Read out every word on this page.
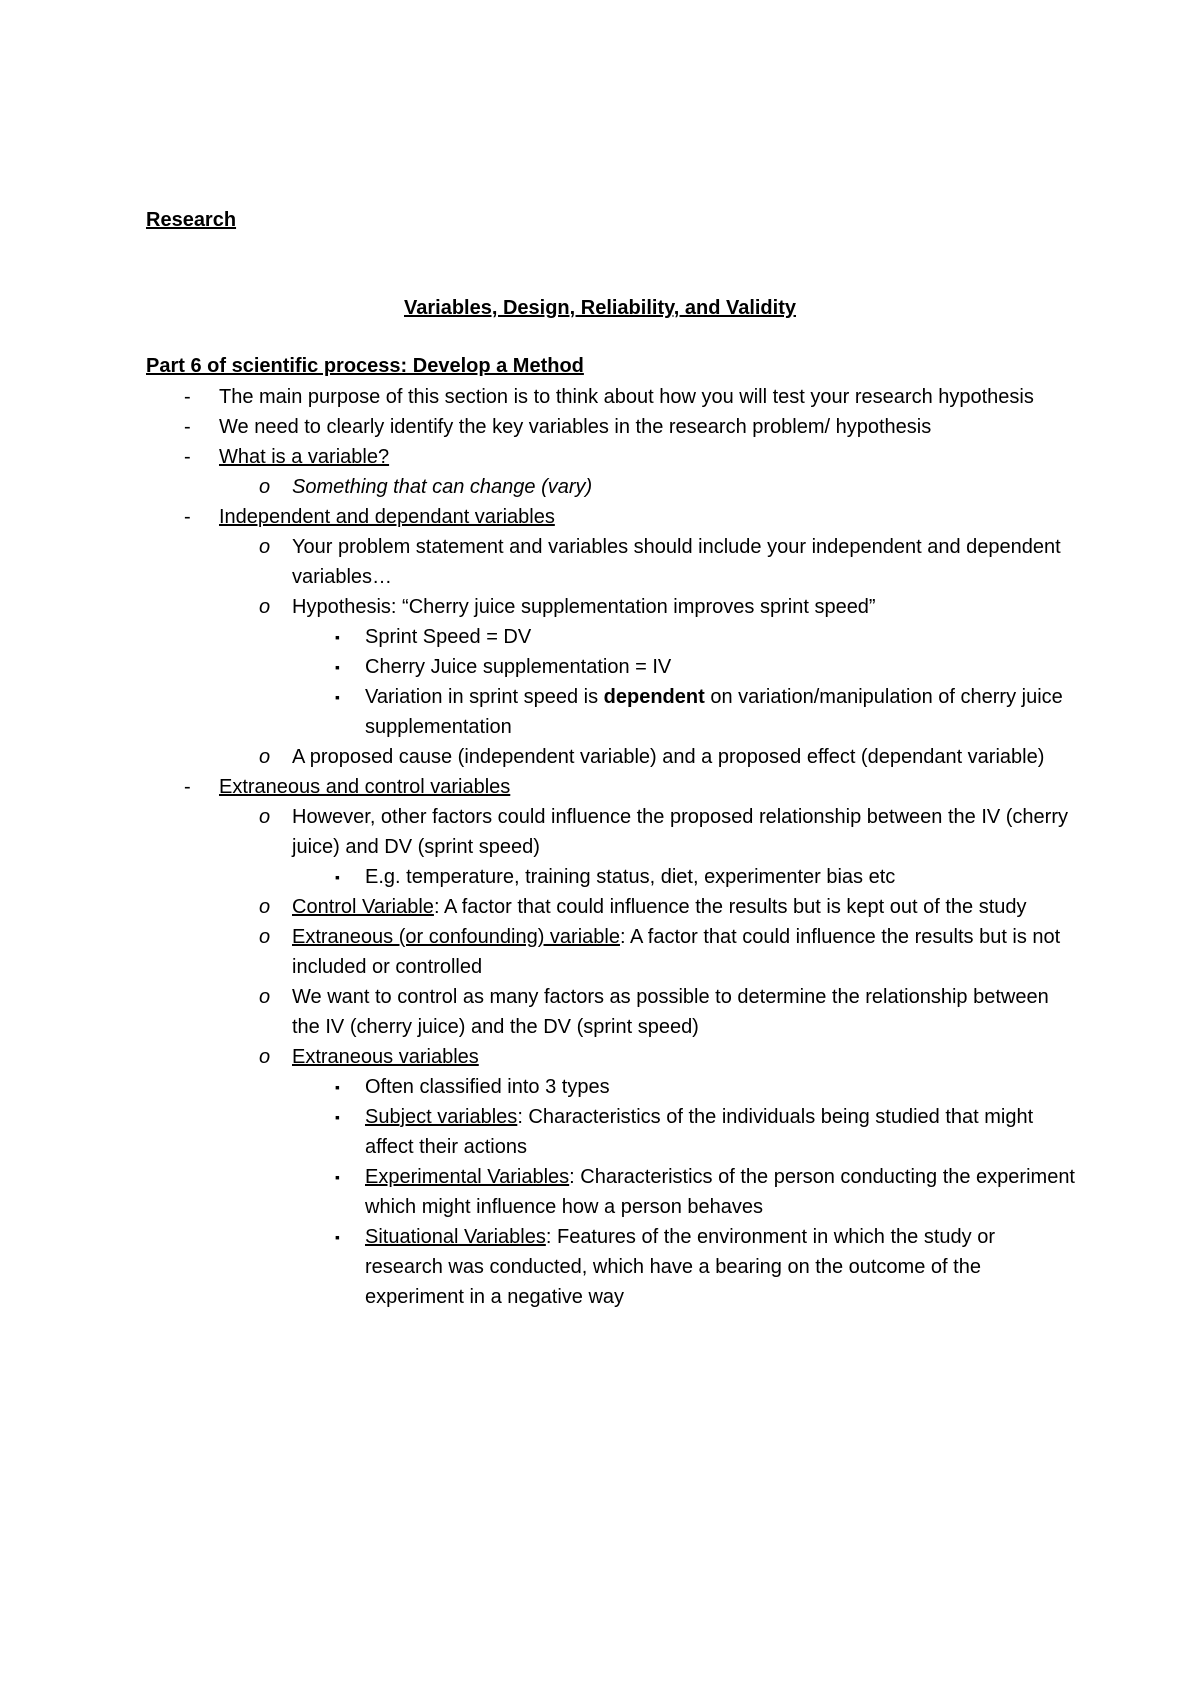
Research
Variables, Design, Reliability, and Validity
Part 6 of scientific process: Develop a Method
- The main purpose of this section is to think about how you will test your research hypothesis
- We need to clearly identify the key variables in the research problem/ hypothesis
- What is a variable?
o Something that can change (vary)
- Independent and dependant variables
o Your problem statement and variables should include your independent and dependent variables…
o Hypothesis: “Cherry juice supplementation improves sprint speed”
▪ Sprint Speed = DV
▪ Cherry Juice supplementation = IV
▪ Variation in sprint speed is dependent on variation/manipulation of cherry juice supplementation
o A proposed cause (independent variable) and a proposed effect (dependant variable)
- Extraneous and control variables
o However, other factors could influence the proposed relationship between the IV (cherry juice) and DV (sprint speed)
▪ E.g. temperature, training status, diet, experimenter bias etc
o Control Variable: A factor that could influence the results but is kept out of the study
o Extraneous (or confounding) variable: A factor that could influence the results but is not included or controlled
o We want to control as many factors as possible to determine the relationship between the IV (cherry juice) and the DV (sprint speed)
o Extraneous variables
▪ Often classified into 3 types
▪ Subject variables: Characteristics of the individuals being studied that might affect their actions
▪ Experimental Variables: Characteristics of the person conducting the experiment which might influence how a person behaves
▪ Situational Variables: Features of the environment in which the study or research was conducted, which have a bearing on the outcome of the experiment in a negative way
